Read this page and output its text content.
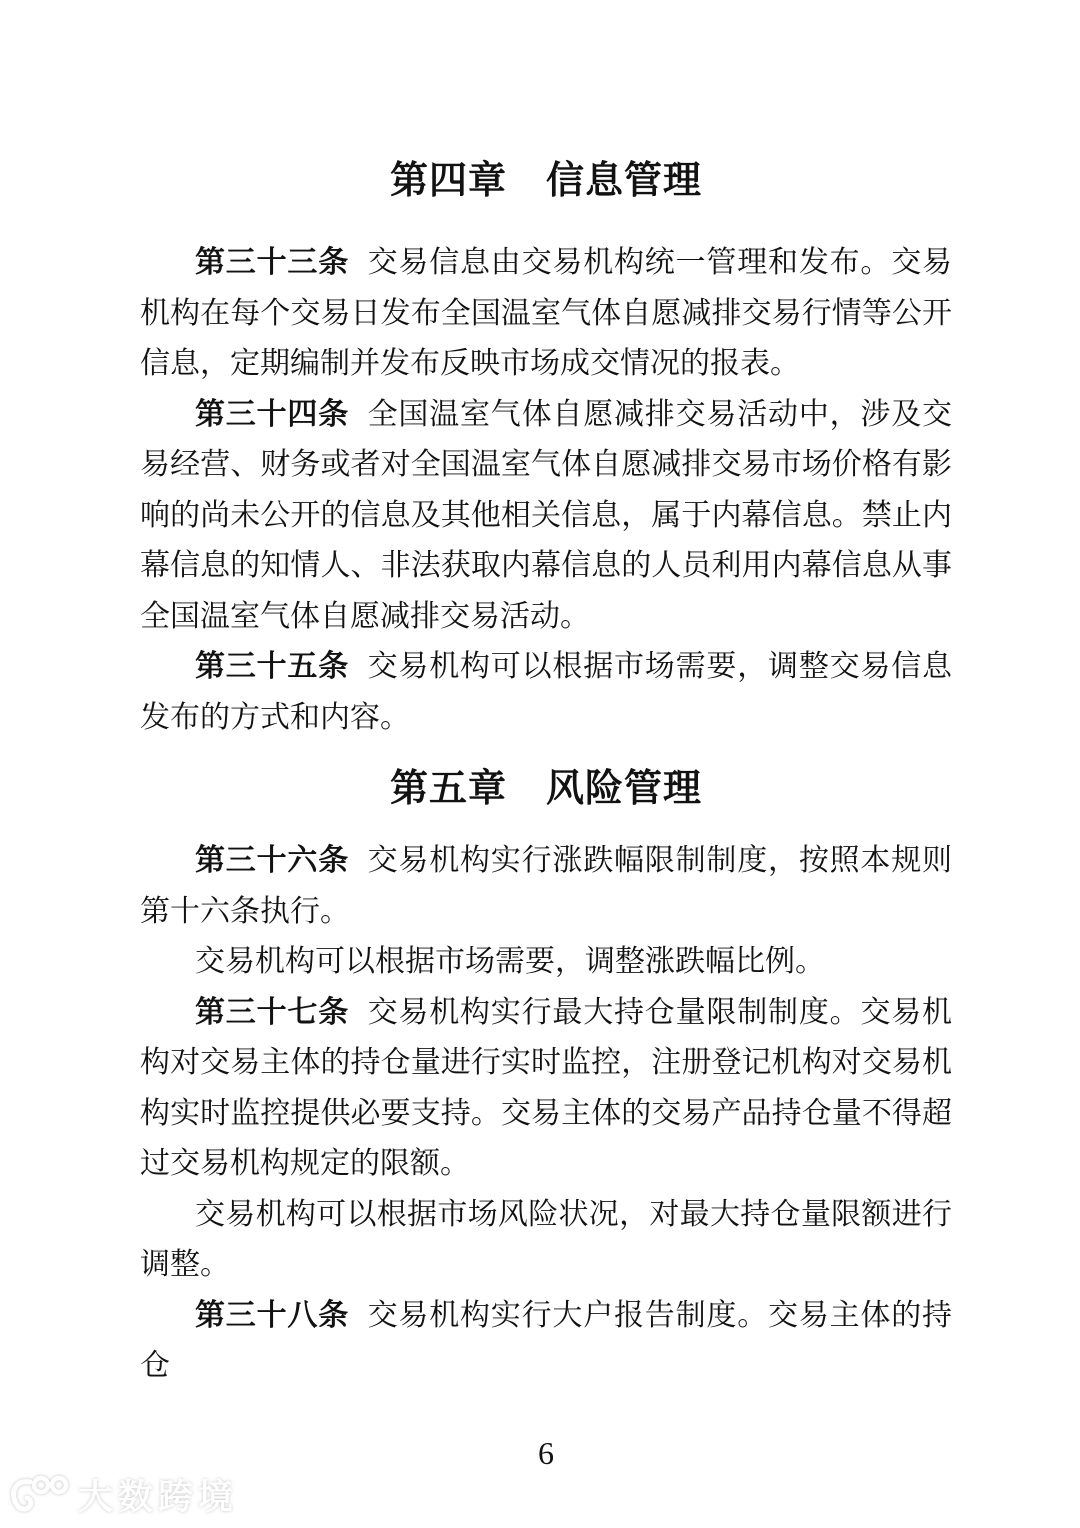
第四章　信息管理

第三十三条 交易信息由交易机构统一管理和发布。交易机构在每个交易日发布全国温室气体自愿减排交易行情等公开信息，定期编制并发布反映市场成交情况的报表。

第三十四条 全国温室气体自愿减排交易活动中，涉及交易经营、财务或者对全国温室气体自愿减排交易市场价格有影响的尚未公开的信息及其他相关信息，属于内幕信息。禁止内幕信息的知情人、非法获取内幕信息的人员利用内幕信息从事全国温室气体自愿减排交易活动。

第三十五条 交易机构可以根据市场需要，调整交易信息发布的方式和内容。

第五章　风险管理

第三十六条 交易机构实行涨跌幅限制制度，按照本规则第十六条执行。

交易机构可以根据市场需要，调整涨跌幅比例。

第三十七条 交易机构实行最大持仓量限制制度。交易机构对交易主体的持仓量进行实时监控，注册登记机构对交易机构实时监控提供必要支持。交易主体的交易产品持仓量不得超过交易机构规定的限额。

交易机构可以根据市场风险状况，对最大持仓量限额进行调整。

第三十八条 交易机构实行大户报告制度。交易主体的持仓

6
大数跨境
